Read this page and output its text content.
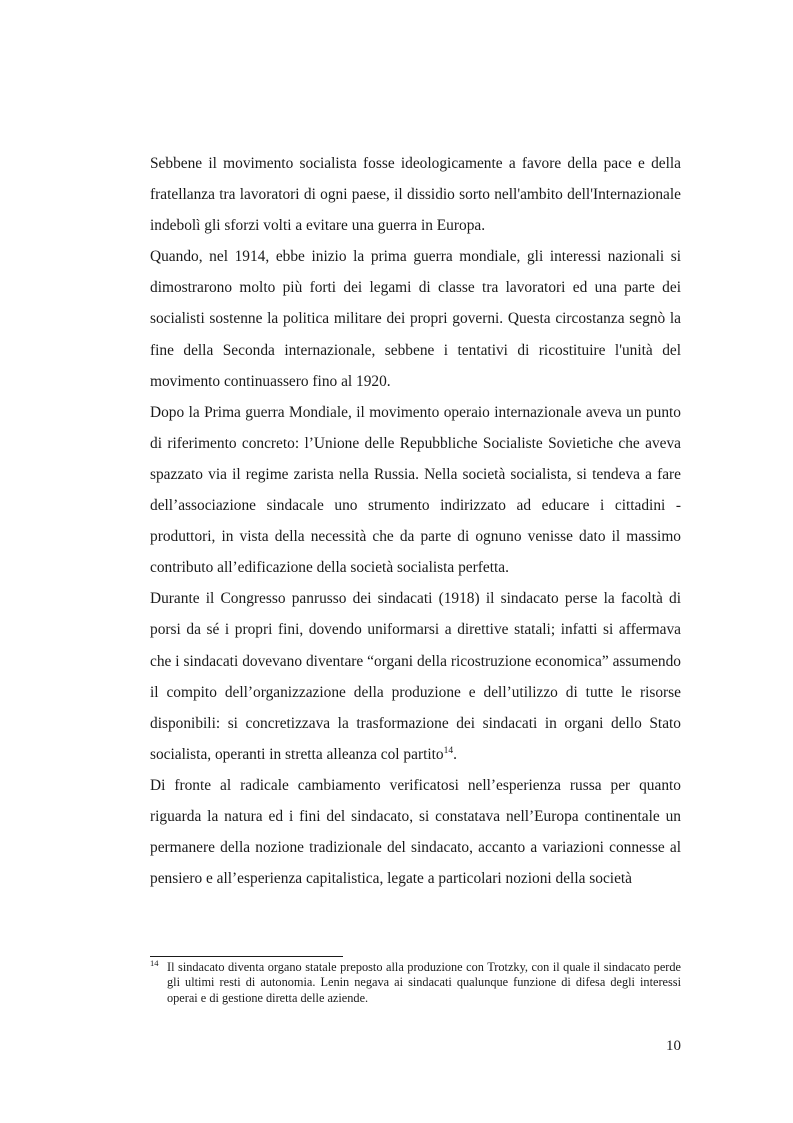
Sebbene il movimento socialista fosse ideologicamente a favore della pace e della fratellanza tra lavoratori di ogni paese, il dissidio sorto nell'ambito dell'Internazionale indebolì gli sforzi volti a evitare una guerra in Europa.

Quando, nel 1914, ebbe inizio la prima guerra mondiale, gli interessi nazionali si dimostrarono molto più forti dei legami di classe tra lavoratori ed una parte dei socialisti sostenne la politica militare dei propri governi. Questa circostanza segnò la fine della Seconda internazionale, sebbene i tentativi di ricostituire l'unità del movimento continuassero fino al 1920.

Dopo la Prima guerra Mondiale, il movimento operaio internazionale aveva un punto di riferimento concreto: l’Unione delle Repubbliche Socialiste Sovietiche che aveva spazzato via il regime zarista nella Russia. Nella società socialista, si tendeva a fare dell’associazione sindacale uno strumento indirizzato ad educare i cittadini - produttori, in vista della necessità che da parte di ognuno venisse dato il massimo contributo all’edificazione della società socialista perfetta.

Durante il Congresso panrusso dei sindacati (1918) il sindacato perse la facoltà di porsi da sé i propri fini, dovendo uniformarsi a direttive statali; infatti si affermava che i sindacati dovevano diventare “organi della ricostruzione economica” assumendo il compito dell’organizzazione della produzione e dell’utilizzo di tutte le risorse disponibili: si concretizzava la trasformazione dei sindacati in organi dello Stato socialista, operanti in stretta alleanza col partito$^{14}$.

Di fronte al radicale cambiamento verificatosi nell’esperienza russa per quanto riguarda la natura ed i fini del sindacato, si constatava nell’Europa continentale un permanere della nozione tradizionale del sindacato, accanto a variazioni connesse al pensiero e all’esperienza capitalistica, legate a particolari nozioni della società

14 Il sindacato diventa organo statale preposto alla produzione con Trotzky, con il quale il sindacato perde gli ultimi resti di autonomia. Lenin negava ai sindacati qualunque funzione di difesa degli interessi operai e di gestione diretta delle aziende.
10
